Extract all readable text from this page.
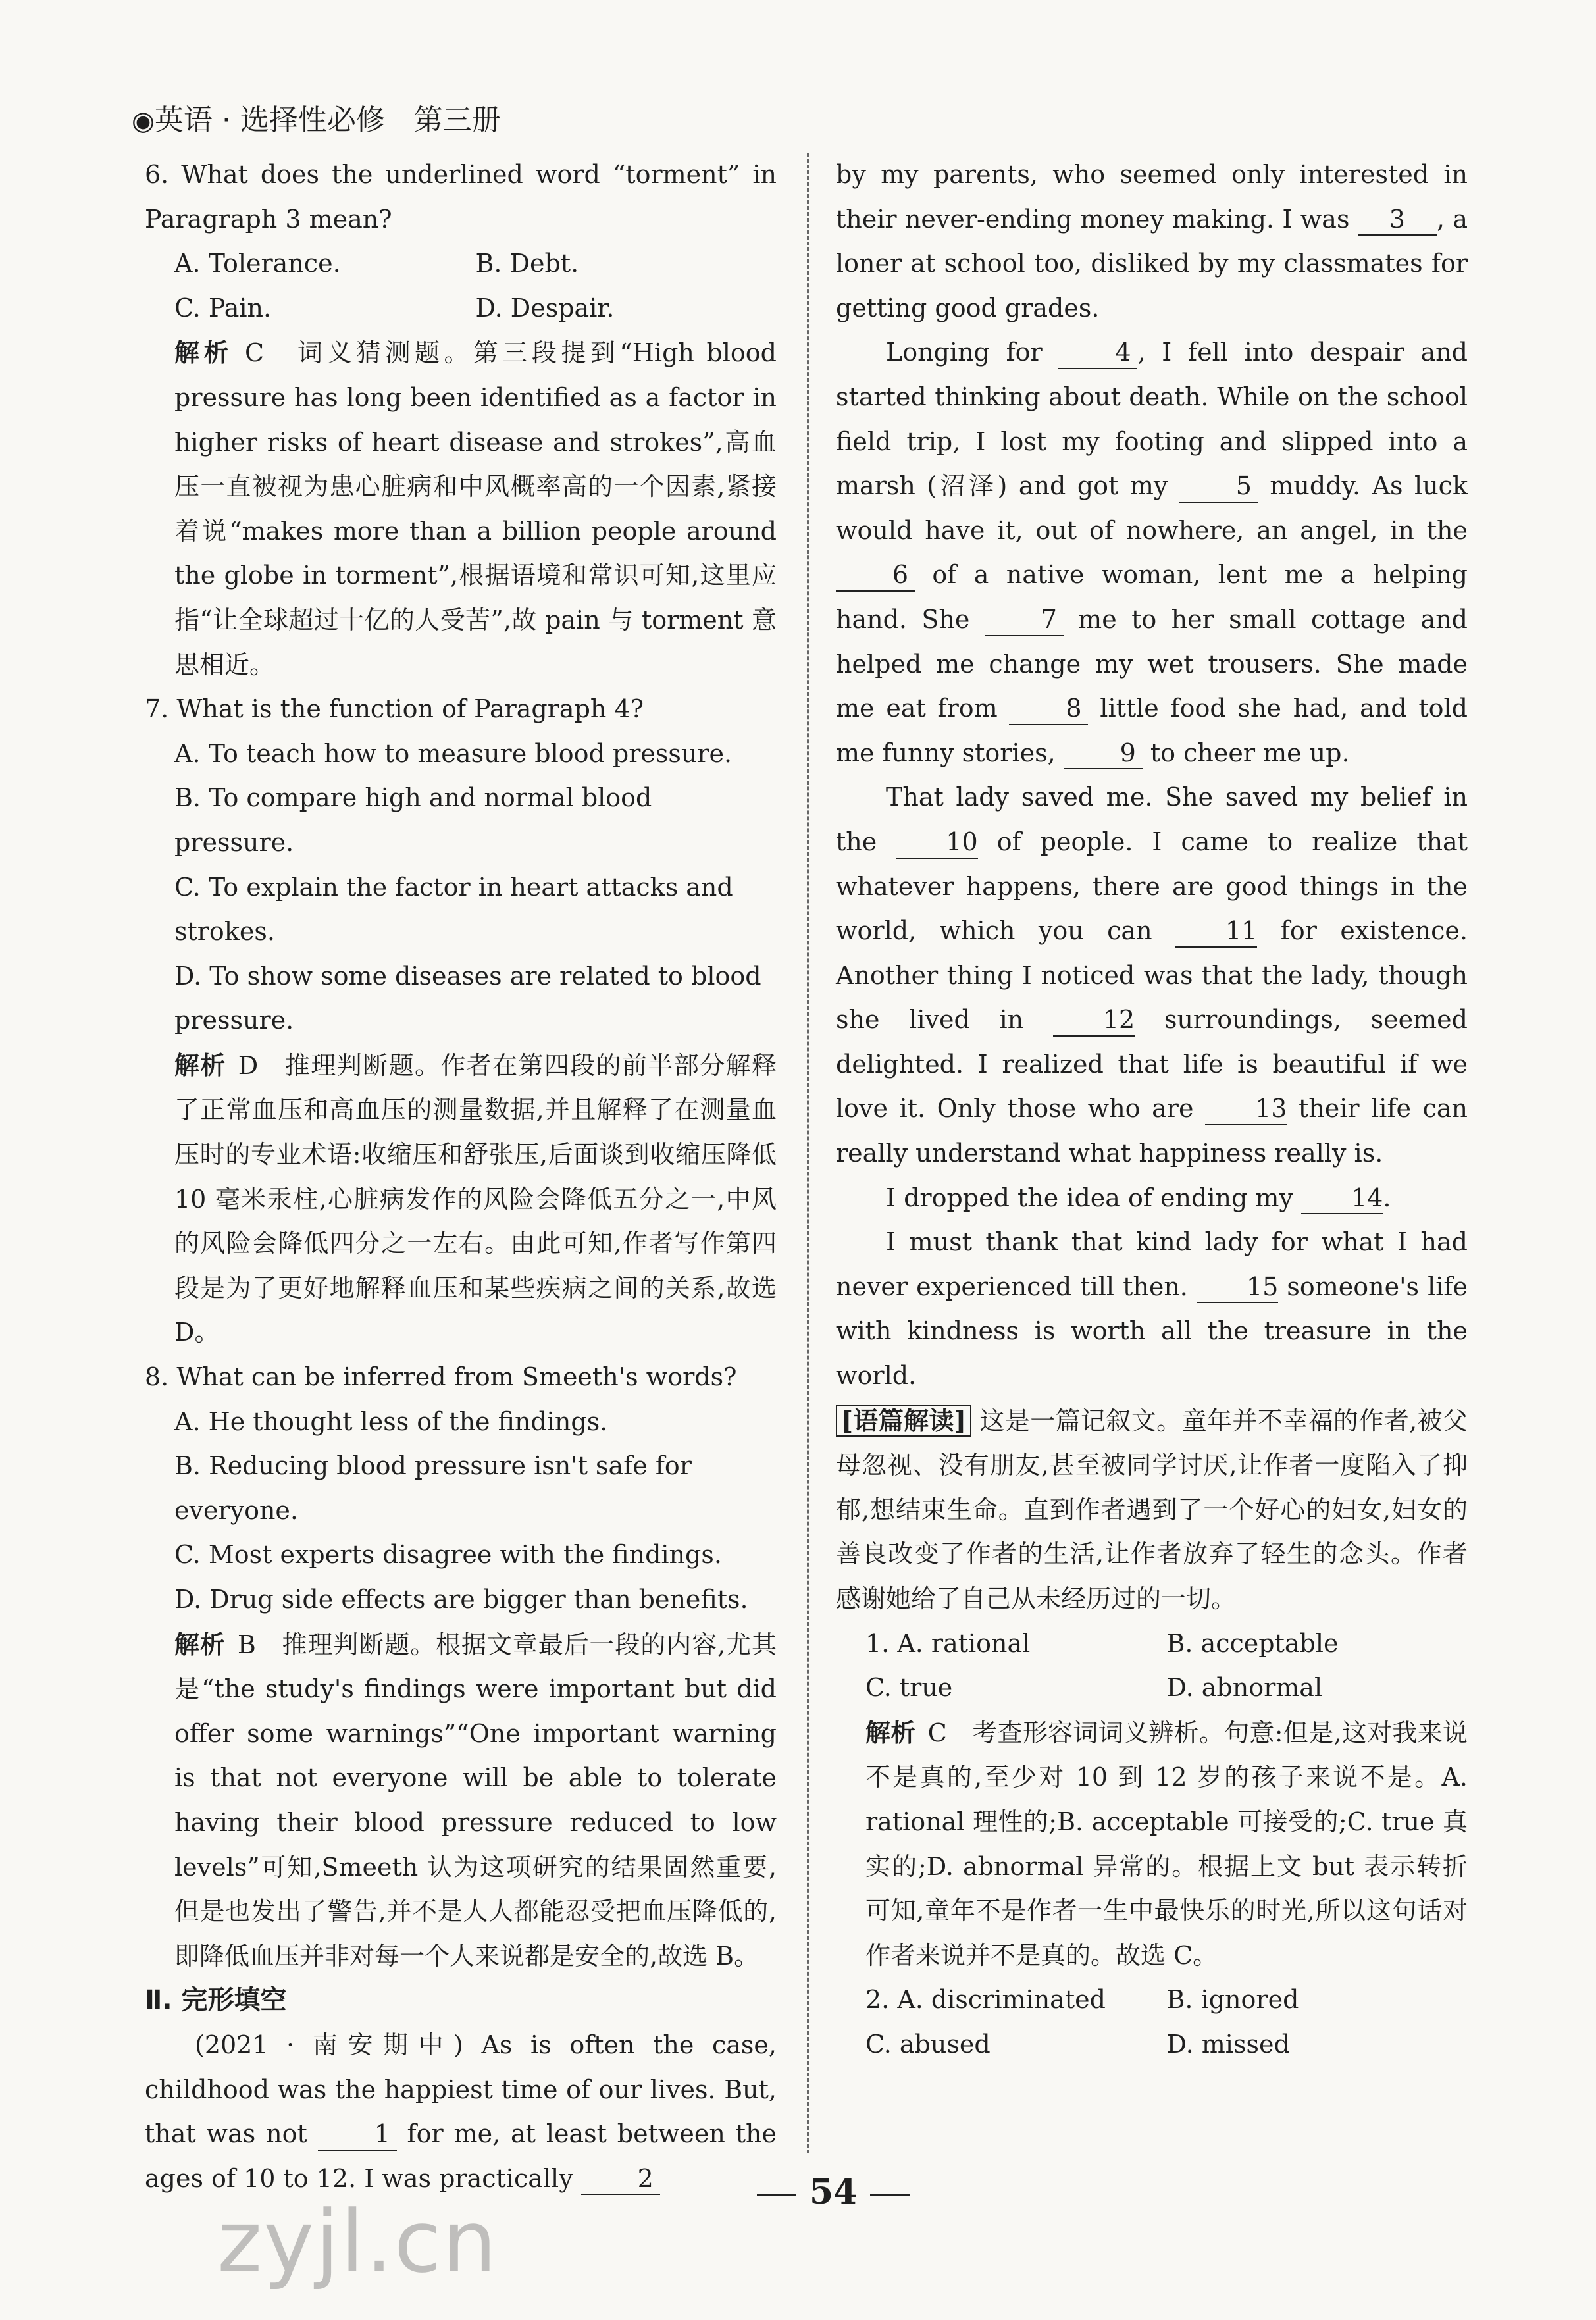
◉英语 · 选择性必修　第三册
6. What does the underlined word “torment” in Paragraph 3 mean?
A. Tolerance.	B. Debt.
C. Pain.	D. Despair.
解析 C　词义猜测题。第三段提到“High blood pressure has long been identified as a factor in higher risks of heart disease and strokes”,高血压一直被视为患心脏病和中风概率高的一个因素,紧接着说“makes more than a billion people around the globe in torment”,根据语境和常识可知,这里应指“让全球超过十亿的人受苦”,故 pain 与 torment 意思相近。
7. What is the function of Paragraph 4?
A. To teach how to measure blood pressure.
B. To compare high and normal blood pressure.
C. To explain the factor in heart attacks and strokes.
D. To show some diseases are related to blood pressure.
解析 D　推理判断题。作者在第四段的前半部分解释了正常血压和高血压的测量数据,并且解释了在测量血压时的专业术语:收缩压和舒张压,后面谈到收缩压降低 10 毫米汞柱,心脏病发作的风险会降低五分之一,中风的风险会降低四分之一左右。由此可知,作者写作第四段是为了更好地解释血压和某些疾病之间的关系,故选 D。
8. What can be inferred from Smeeth's words?
A. He thought less of the findings.
B. Reducing blood pressure isn't safe for everyone.
C. Most experts disagree with the findings.
D. Drug side effects are bigger than benefits.
解析 B　推理判断题。根据文章最后一段的内容,尤其是“the study's findings were important but did offer some warnings”“One important warning is that not everyone will be able to tolerate having their blood pressure reduced to low levels”可知,Smeeth 认为这项研究的结果固然重要,但是也发出了警告,并不是人人都能忍受把血压降低的,即降低血压并非对每一个人来说都是安全的,故选 B。
Ⅱ. 完形填空
(2021 · 南安期中) As is often the case, childhood was the happiest time of our lives. But, that was not	1 for me, at least between the ages of 10 to 12. I was practically	2
by my parents, who seemed only interested in their never-ending money making. I was 3 , a loner at school too, disliked by my classmates for getting good grades.
Longing for	4 , I fell into despair and started thinking about death. While on the school field trip, I lost my footing and slipped into a marsh (沼泽) and got my	5 muddy. As luck would have it, out of nowhere, an angel, in the 6 of a native woman, lent me a helping hand. She	7 me to her small cottage and helped me change my wet trousers. She made me eat from	8 little food she had, and told me funny stories,	9 to cheer me up.
That lady saved me. She saved my belief in the	10 of people. I came to realize that whatever happens, there are good things in the world, which you can	11 for existence. Another thing I noticed was that the lady, though she lived in	12 surroundings, seemed delighted. I realized that life is beautiful if we love it. Only those who are 13 their life can really understand what happiness really is.
I dropped the idea of ending my 14.
I must thank that kind lady for what I had never experienced till then. 15 someone's life with kindness is worth all the treasure in the world.
[语篇解读] 这是一篇记叙文。童年并不幸福的作者,被父母忽视、没有朋友,甚至被同学讨厌,让作者一度陷入了抑郁,想结束生命。直到作者遇到了一个好心的妇女,妇女的善良改变了作者的生活,让作者放弃了轻生的念头。作者感谢她给了自己从未经历过的一切。
1. A. rational	B. acceptable
C. true	D. abnormal
解析 C　考查形容词词义辨析。句意:但是,这对我来说不是真的,至少对 10 到 12 岁的孩子来说不是。A. rational 理性的;B. acceptable 可接受的;C. true 真实的;D. abnormal 异常的。根据上文 but 表示转折可知,童年不是作者一生中最快乐的时光,所以这句话对作者来说并不是真的。故选 C。
2. A. discriminated	B. ignored
C. abused	D. missed
54
zyjl.cn
